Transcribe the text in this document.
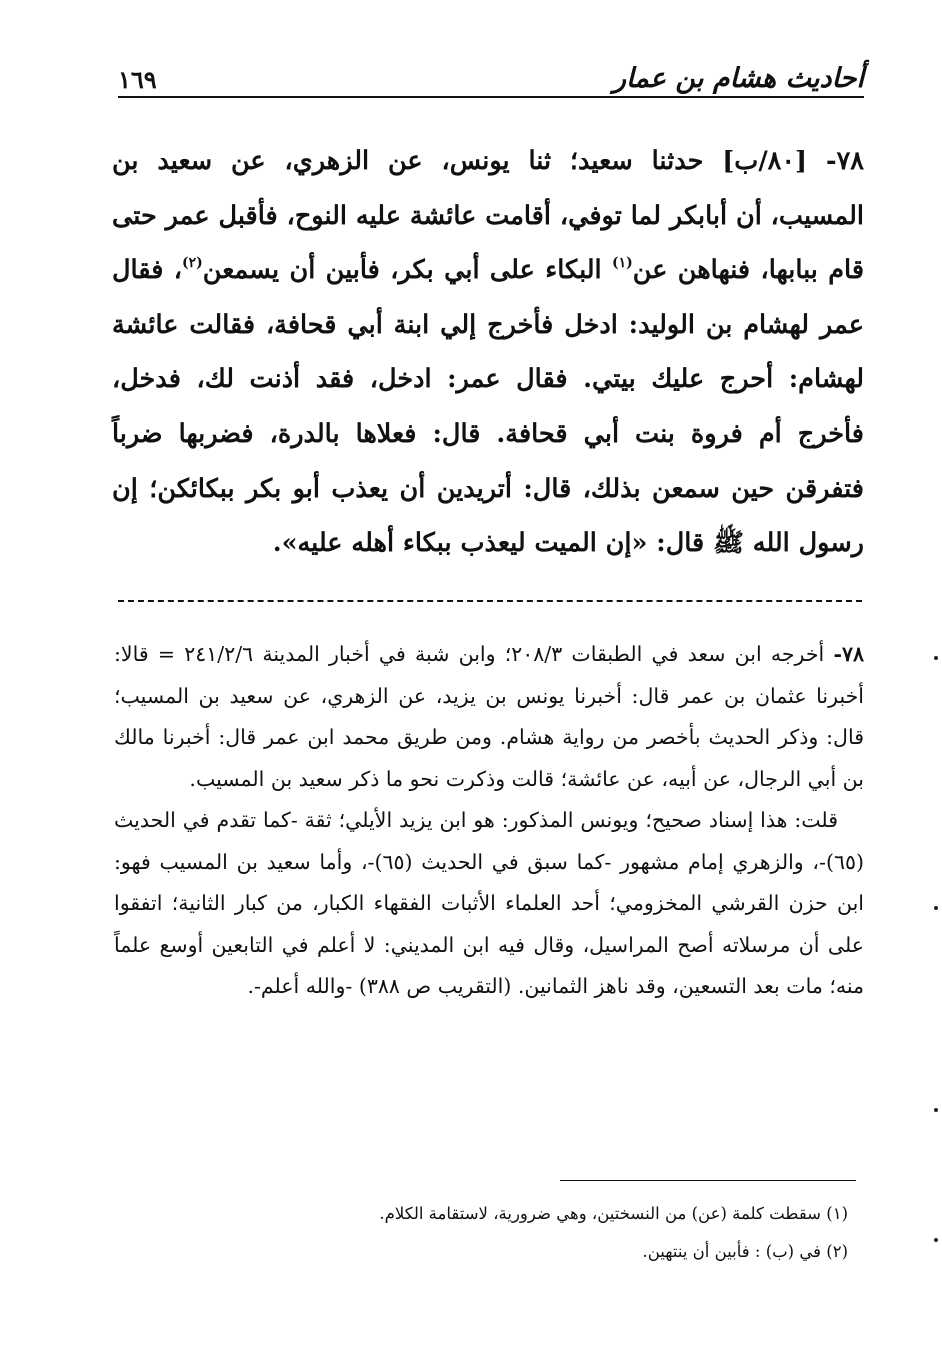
أحاديث هشام بن عمار
١٦٩

٧٨- [٨٠/ب] حدثنا سعيد؛ ثنا يونس، عن الزهري، عن سعيد بن المسيب، أن أبابكر لما توفي، أقامت عائشة عليه النوح، فأقبل عمر حتى قام ببابها، فنهاهن عن$^{(١)}$ البكاء على أبي بكر، فأبين أن يسمعن$^{(٢)}$، فقال عمر لهشام بن الوليد: ادخل فأخرج إلي ابنة أبي قحافة، فقالت عائشة لهشام: أحرج عليك بيتي. فقال عمر: ادخل، فقد أذنت لك، فدخل، فأخرج أم فروة بنت أبي قحافة. قال: فعلاها بالدرة، فضربها ضرباً فتفرقن حين سمعن بذلك، قال: أتريدين أن يعذب أبو بكر ببكائكن؛ إن رسول الله ﷺ قال: «إن الميت ليعذب ببكاء أهله عليه».

٧٨- أخرجه ابن سعد في الطبقات ٢٠٨/٣؛ وابن شبة في أخبار المدينة ٢٤١/٢/٦ = قالا: أخبرنا عثمان بن عمر قال: أخبرنا يونس بن يزيد، عن الزهري، عن سعيد بن المسيب؛ قال: وذكر الحديث بأخصر من رواية هشام. ومن طريق محمد ابن عمر قال: أخبرنا مالك بن أبي الرجال، عن أبيه، عن عائشة؛ قالت وذكرت نحو ما ذكر سعيد بن المسيب.

قلت: هذا إسناد صحيح؛ ويونس المذكور: هو ابن يزيد الأيلي؛ ثقة -كما تقدم في الحديث (٦٥)-، والزهري إمام مشهور -كما سبق في الحديث (٦٥)-، وأما سعيد بن المسيب فهو: ابن حزن القرشي المخزومي؛ أحد العلماء الأثبات الفقهاء الكبار، من كبار الثانية؛ اتفقوا على أن مرسلاته أصح المراسيل، وقال فيه ابن المديني: لا أعلم في التابعين أوسع علماً منه؛ مات بعد التسعين، وقد ناهز الثمانين. (التقريب ص ٣٨٨) -والله أعلم-.

(١) سقطت كلمة (عن) من النسختين، وهي ضرورية، لاستقامة الكلام.

(٢) في (ب) : فأبين أن ينتهين.
